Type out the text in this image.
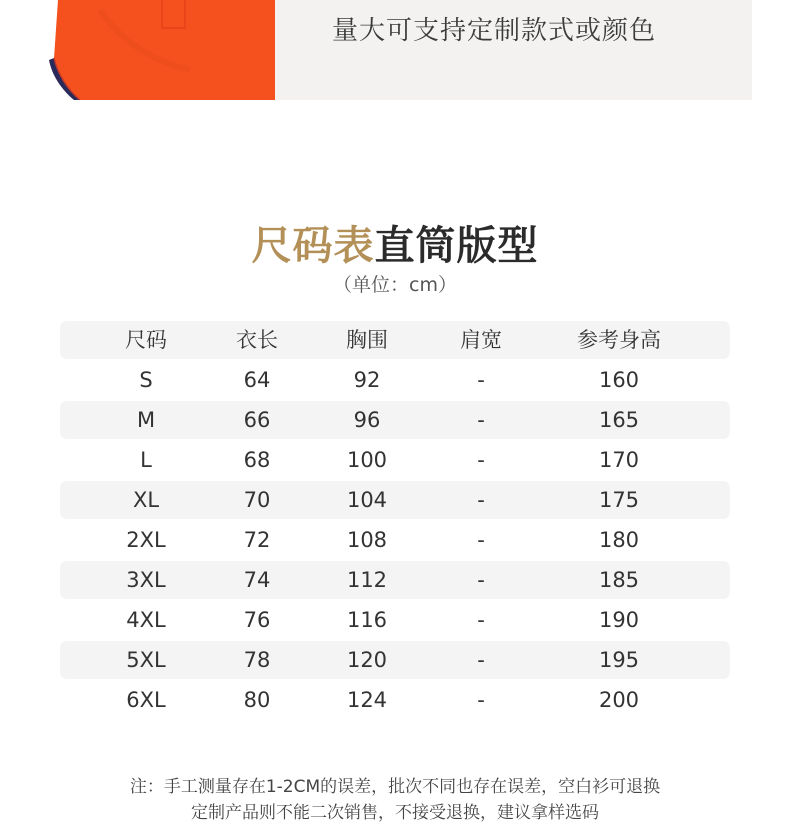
量大可支持定制款式或颜色
尺码表直筒版型
（单位：cm）
尺码	衣长	胸围	肩宽	参考身高
S	64	92	-	160
M	66	96	-	165
L	68	100	-	170
XL	70	104	-	175
2XL	72	108	-	180
3XL	74	112	-	185
4XL	76	116	-	190
5XL	78	120	-	195
6XL	80	124	-	200
注：手工测量存在1-2CM的误差，批次不同也存在误差，空白衫可退换
定制产品则不能二次销售，不接受退换，建议拿样选码
